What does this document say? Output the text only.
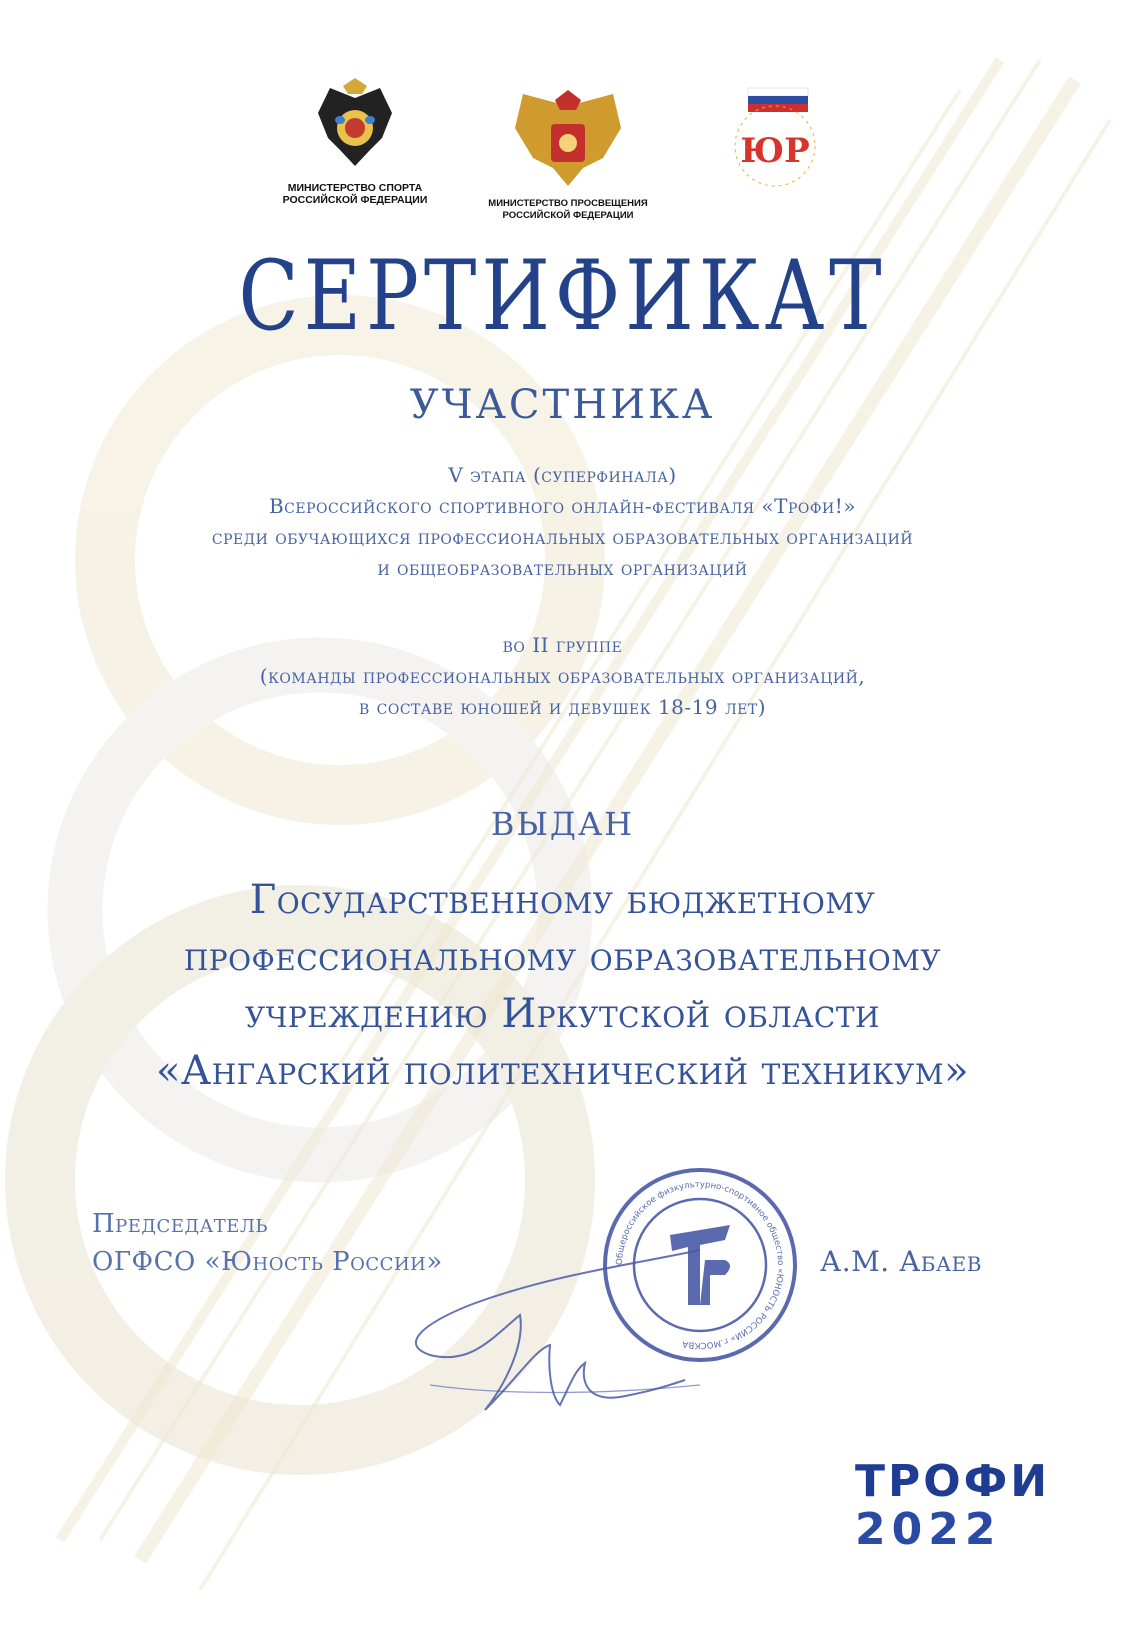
МИНИСТЕРСТВО СПОРТА РОССИЙСКОЙ ФЕДЕРАЦИИ	МИНИСТЕРСТВО ПРОСВЕЩЕНИЯ РОССИЙСКОЙ ФЕДЕРАЦИИ
ЮР
СЕРТИФИКАТ
УЧАСТНИКА
V этапа (суперфинала)
Всероссийского спортивного онлайн-фестиваля «Трофи!»
среди обучающихся профессиональных образовательных организаций
и общеобразовательных организаций
во II группе
(команды профессиональных образовательных организаций,
в составе юношей и девушек 18-19 лет)
ВЫДАН
Государственному бюджетному
профессиональному образовательному
учреждению Иркутской области
«Ангарский политехнический техникум»
Председатель
ОГФСО «Юность России»	Общероссийское физкультурно-спортивное общество «ЮНОСТЬ РОССИИ» г.МОСКВА
А.М. Абаев
ТРОФИ
2022
